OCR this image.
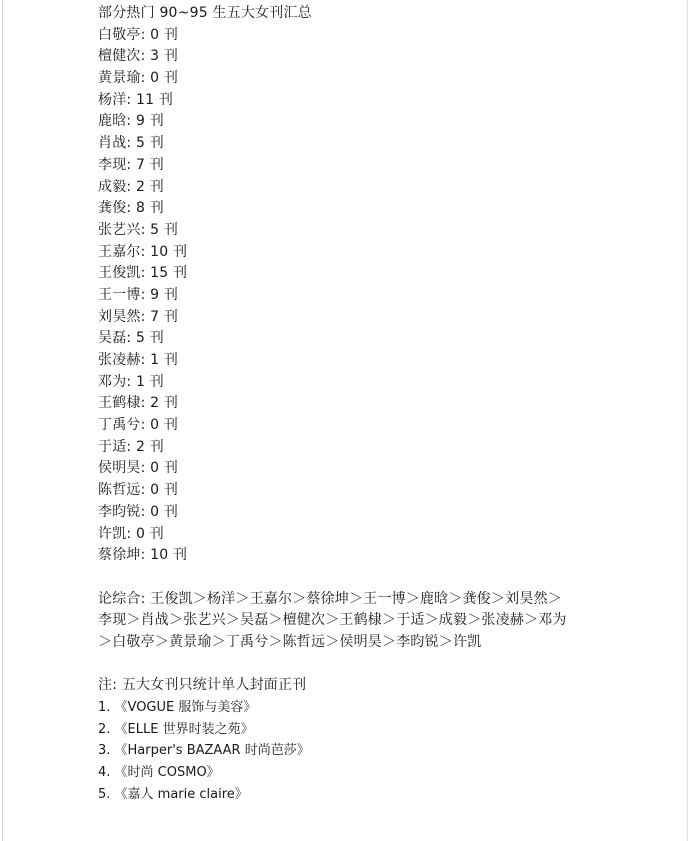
部分热门 90~95 生五大女刊汇总
白敬亭: 0 刊
檀健次: 3 刊
黄景瑜: 0 刊
杨洋: 11 刊
鹿晗: 9 刊
肖战: 5 刊
李现: 7 刊
成毅: 2 刊
龚俊: 8 刊
张艺兴: 5 刊
王嘉尔: 10 刊
王俊凯: 15 刊
王一博: 9 刊
刘昊然: 7 刊
吴磊: 5 刊
张凌赫: 1 刊
邓为: 1 刊
王鹤棣: 2 刊
丁禹兮: 0 刊
于适: 2 刊
侯明昊: 0 刊
陈哲远: 0 刊
李昀锐: 0 刊
许凯: 0 刊
蔡徐坤: 10 刊
论综合: 王俊凯＞杨洋＞王嘉尔＞蔡徐坤＞王一博＞鹿晗＞龚俊＞刘昊然＞
李现＞肖战＞张艺兴＞吴磊＞檀健次＞王鹤棣＞于适＞成毅＞张凌赫＞邓为
＞白敬亭＞黄景瑜＞丁禹兮＞陈哲远＞侯明昊＞李昀锐＞许凯
注: 五大女刊只统计单人封面正刊
1. 《VOGUE 服饰与美容》
2. 《ELLE 世界时装之苑》
3. 《Harper's BAZAAR 时尚芭莎》
4. 《时尚 COSMO》
5. 《嘉人 marie claire》
